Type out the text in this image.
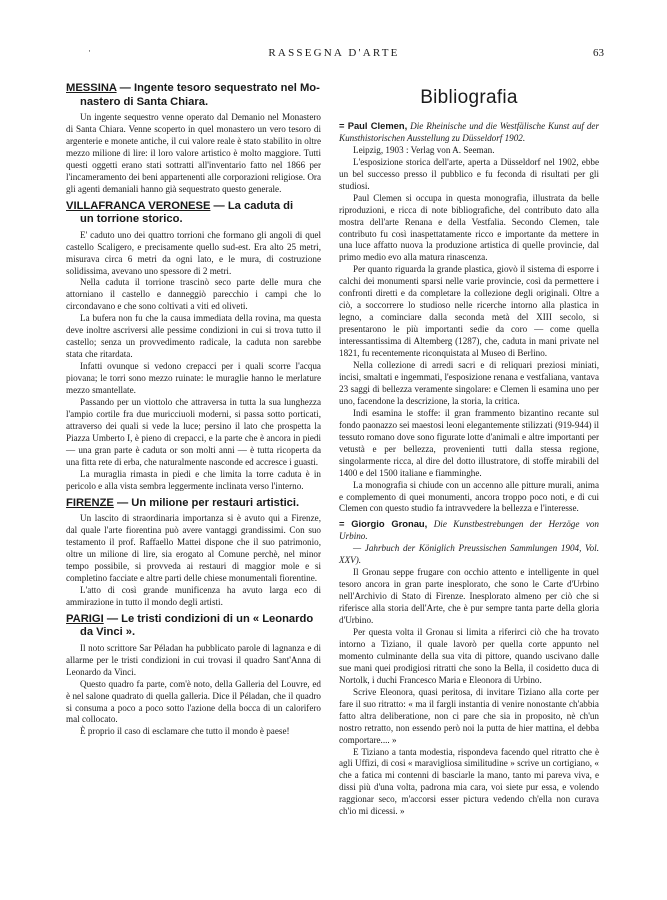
·	RASSEGNA D'ARTE	63
MESSINA — Ingente tesoro sequestrato nel Mo-
nastero di Santa Chiara.

Un ingente sequestro venne operato dal Demanio nel Monastero di Santa Chiara. Venne scoperto in quel monastero un vero tesoro di argenterie e monete antiche, il cui valore reale è stato stabilito in oltre mezzo milione di lire: il loro valore artistico è molto maggiore. Tutti questi oggetti erano stati sottratti all'inventario fatto nel 1866 per l'incameramento dei beni appartenenti alle corporazioni religiose. Ora gli agenti demaniali hanno già sequestrato questo generale.

VILLAFRANCA VERONESE — La caduta di
un torrione storico.

E' caduto uno dei quattro torrioni che formano gli angoli di quel castello Scaligero, e precisamente quello sud-est. Era alto 25 metri, misurava circa 6 metri da ogni lato, e le mura, di costruzione solidissima, avevano uno spessore di 2 metri.

Nella caduta il torrione trascinò seco parte delle mura che attorniano il castello e danneggiò parecchio i campi che lo circondavano e che sono coltivati a viti ed oliveti.

La bufera non fu che la causa immediata della rovina, ma questa deve inoltre ascriversi alle pessime condizioni in cui si trova tutto il castello; senza un provvedimento radicale, la caduta non sarebbe stata che ritardata.

Infatti ovunque si vedono crepacci per i quali scorre l'acqua piovana; le torri sono mezzo ruinate: le muraglie hanno le merlature mezzo smantellate.

Passando per un viottolo che attraversa in tutta la sua lunghezza l'ampio cortile fra due muricciuoli moderni, si passa sotto porticati, attraverso dei quali si vede la luce; persino il lato che prospetta la Piazza Umberto I, è pieno di crepacci, e la parte che è ancora in piedi — una gran parte è caduta or son molti anni — è tutta ricoperta da una fitta rete di erba, che naturalmente nasconde ed accresce i guasti.

La muraglia rimasta in piedi e che limita la torre caduta è in pericolo e alla vista sembra leggermente inclinata verso l'interno.

FIRENZE — Un milione per restauri artistici.

Un lascito di straordinaria importanza si è avuto qui a Firenze, dal quale l'arte fiorentina può avere vantaggi grandissimi. Con suo testamento il prof. Raffaello Mattei dispone che il suo patrimonio, oltre un milione di lire, sia erogato al Comune perchè, nel minor tempo possibile, si provveda ai restauri di maggior mole e si completino facciate e altre parti delle chiese monumentali fiorentine.

L'atto di così grande munificenza ha avuto larga eco di ammirazione in tutto il mondo degli artisti.

PARIGI — Le tristi condizioni di un « Leonardo
da Vinci ».

Il noto scrittore Sar Péladan ha pubblicato parole di lagnanza e di allarme per le tristi condizioni in cui trovasi il quadro Sant'Anna di Leonardo da Vinci.

Questo quadro fa parte, com'è noto, della Galleria del Louvre, ed è nel salone quadrato di quella galleria. Dice il Péladan, che il quadro si consuma a poco a poco sotto l'azione della bocca di un calorifero mal collocato.

È proprio il caso di esclamare che tutto il mondo è paese!

Bibliografia

= Paul Clemen, Die Rheinische und die Westfälische Kunst auf der Kunsthistorischen Ausstellung zu Düsseldorf 1902.

Leipzig, 1903 : Verlag von A. Seeman.

L'esposizione storica dell'arte, aperta a Düsseldorf nel 1902, ebbe un bel successo presso il pubblico e fu feconda di risultati per gli studiosi.

Paul Clemen si occupa in questa monografia, illustrata da belle riproduzioni, e ricca di note bibliografiche, del contributo dato alla mostra dell'arte Renana e della Vestfalia. Secondo Clemen, tale contributo fu così inaspettatamente ricco e importante da mettere in una luce affatto nuova la produzione artistica di quelle provincie, dal primo medio evo alla matura rinascenza.

Per quanto riguarda la grande plastica, giovò il sistema di esporre i calchi dei monumenti sparsi nelle varie provincie, così da permettere i confronti diretti e da completare la collezione degli originali. Oltre a ciò, a soccorrere lo studioso nelle ricerche intorno alla plastica in legno, a cominciare dalla seconda metà del XIII secolo, si presentarono le più importanti sedie da coro — come quella interessantissima di Altemberg (1287), che, caduta in mani private nel 1821, fu recentemente riconquistata al Museo di Berlino.

Nella collezione di arredi sacri e di reliquari preziosi miniati, incisi, smaltati e ingemmati, l'esposizione renana e vestfaliana, vantava 23 saggi di bellezza veramente singolare: e Clemen li esamina uno per uno, facendone la descrizione, la storia, la critica.

Indi esamina le stoffe: il gran frammento bizantino recante sul fondo paonazzo sei maestosi leoni elegantemente stilizzati (919-944) il tessuto romano dove sono figurate lotte d'animali e altre importanti per vetustà e per bellezza, provenienti tutti dalla stessa regione, singolarmente ricca, al dire del dotto illustratore, di stoffe mirabili del 1400 e del 1500 italiane e fiamminghe.

La monografia si chiude con un accenno alle pitture murali, anima e complemento di quei monumenti, ancora troppo poco noti, e di cui Clemen con questo studio fa intravvedere la bellezza e l'interesse.

= Giorgio Gronau, Die Kunstbestrebungen der Herzöge von Urbino.

— Jahrbuch der Königlich Preussischen Sammlungen 1904, Vol. XXV).

Il Gronau seppe frugare con occhio attento e intelligente in quel tesoro ancora in gran parte inesplorato, che sono le Carte d'Urbino nell'Archivio di Stato di Firenze. Inesplorato almeno per ciò che si riferisce alla storia dell'Arte, che è pur sempre tanta parte della gloria d'Urbino.

Per questa volta il Gronau si limita a riferirci ciò che ha trovato intorno a Tiziano, il quale lavorò per quella corte appunto nel momento culminante della sua vita di pittore, quando uscivano dalle sue mani quei prodigiosi ritratti che sono la Bella, il cosidetto duca di Nortolk, i duchi Francesco Maria e Eleonora di Urbino.

Scrive Eleonora, quasi peritosa, di invitare Tiziano alla corte per fare il suo ritratto: « ma il fargli instantia di venire nonostante ch'abbia fatto altra deliberatione, non ci pare che sia in proposito, nè ch'un nostro retratto, non essendo però noi la putta de hier mattina, el debba comportare.... »

E Tiziano a tanta modestia, rispondeva facendo quel ritratto che è agli Uffizi, di cosi « maravigliosa similitudine » scrive un cortigiano, « che a fatica mi contenni di basciarle la mano, tanto mi pareva viva, e dissi più d'una volta, padrona mia cara, voi siete pur essa, e volendo raggionar seco, m'accorsi esser pictura vedendo ch'ella non curava ch'io mi dicessi. »
